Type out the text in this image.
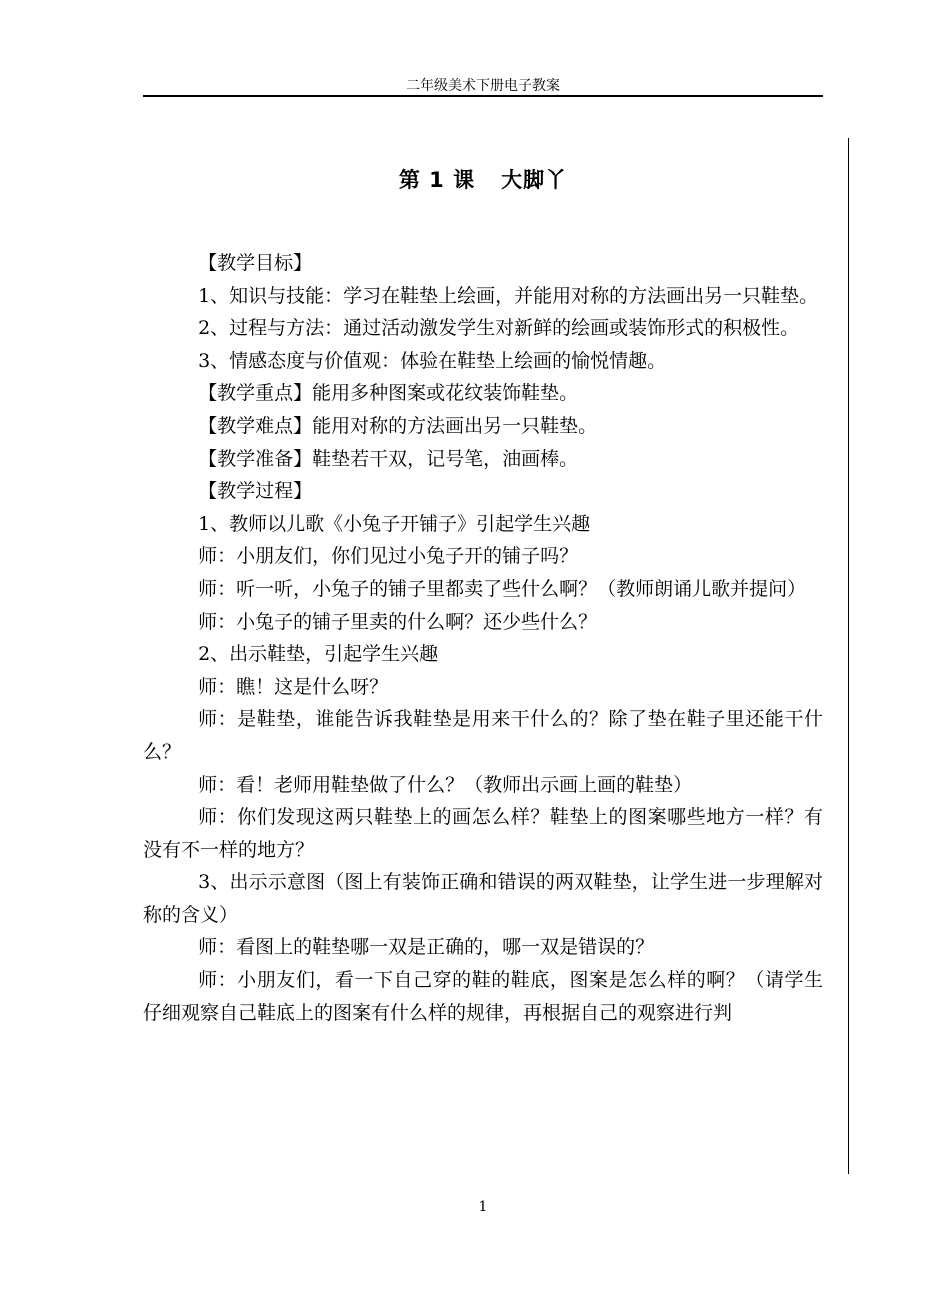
二年级美术下册电子教案
第 1 课 大脚丫

【教学目标】

1、知识与技能：学习在鞋垫上绘画，并能用对称的方法画出另一只鞋垫。

2、过程与方法：通过活动激发学生对新鲜的绘画或装饰形式的积极性。

3、情感态度与价值观：体验在鞋垫上绘画的愉悦情趣。

【教学重点】能用多种图案或花纹装饰鞋垫。

【教学难点】能用对称的方法画出另一只鞋垫。

【教学准备】鞋垫若干双，记号笔，油画棒。

【教学过程】

1、教师以儿歌《小兔子开铺子》引起学生兴趣

师：小朋友们，你们见过小兔子开的铺子吗？

师：听一听，小兔子的铺子里都卖了些什么啊？（教师朗诵儿歌并提问）

师：小兔子的铺子里卖的什么啊？还少些什么？

2、出示鞋垫，引起学生兴趣

师：瞧！这是什么呀？

师：是鞋垫，谁能告诉我鞋垫是用来干什么的？除了垫在鞋子里还能干什么？

师：看！老师用鞋垫做了什么？（教师出示画上画的鞋垫）

师：你们发现这两只鞋垫上的画怎么样？鞋垫上的图案哪些地方一样？有没有不一样的地方？

3、出示示意图（图上有装饰正确和错误的两双鞋垫，让学生进一步理解对称的含义）

师：看图上的鞋垫哪一双是正确的，哪一双是错误的？

师：小朋友们，看一下自己穿的鞋的鞋底，图案是怎么样的啊？（请学生仔细观察自己鞋底上的图案有什么样的规律，再根据自己的观察进行判

1
